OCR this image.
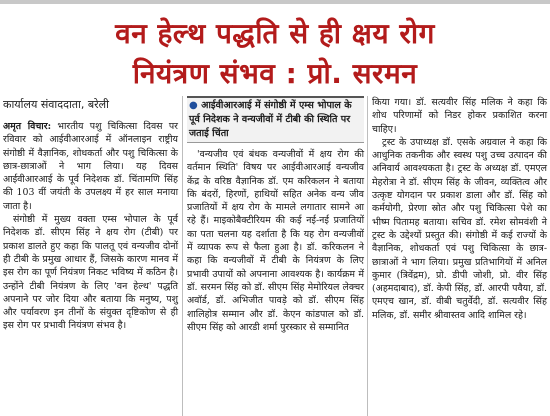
वन हेल्थ पद्धति से ही क्षय रोग
नियंत्रण संभव : प्रो. सरमन
कार्यालय संवाददाता, बरेली	● आईवीआरआई में संगोष्ठी में एम्स भोपाल के पूर्व निदेशक ने वन्यजीवों में टीबी की स्थिति पर जताई चिंता

अमृत विचार: भारतीय पशु चिकित्सा दिवस पर रविवार को आईवीआरआई में ऑनलाइन राष्ट्रीय संगोष्ठी में वैज्ञानिक, शोधकर्ता और पशु चिकित्सा के छात्र-छात्राओं ने भाग लिया। यह दिवस आईवीआरआई के पूर्व निदेशक डॉ. चिंतामणि सिंह की 103 वीं जयंती के उपलक्ष्य में हर साल मनाया जाता है।

संगोष्ठी में मुख्य वक्ता एम्स भोपाल के पूर्व निदेशक डॉ. सीएम सिंह ने क्षय रोग (टीबी) पर प्रकाश डालते हुए कहा कि पालतू एवं वन्यजीव दोनों ही टीबी के प्रमुख आधार हैं, जिसके कारण मानव में इस रोग का पूर्ण नियंत्रण निकट भविष्य में कठिन है। उन्होंने टीबी नियंत्रण के लिए 'वन हेल्थ' पद्धति अपनाने पर जोर दिया और बताया कि मनुष्य, पशु और पर्यावरण इन तीनों के संयुक्त दृष्टिकोण से ही इस रोग पर प्रभावी नियंत्रण संभव है।

'वन्यजीव एवं बंधक वन्यजीवों में क्षय रोग की वर्तमान स्थिति' विषय पर आईवीआरआई वन्यजीव केंद्र के वरिष्ठ वैज्ञानिक डॉ. एम करिकलन ने बताया कि बंदरों, हिरणों, हाथियों सहित अनेक वन्य जीव प्रजातियों में क्षय रोग के मामले लगातार सामने आ रहे हैं। माइकोबैक्टीरियम की कई नई-नई प्रजातियों का पता चलना यह दर्शाता है कि यह रोग वन्यजीवों में व्यापक रूप से फैला हुआ है। डॉ. करिकलन ने कहा कि वन्यजीवों में टीबी के नियंत्रण के लिए प्रभावी उपायों को अपनाना आवश्यक है। कार्यक्रम में डॉ. सरमन सिंह को डॉ. सीएम सिंह मेमोरियल लेक्चर अवॉर्ड, डॉ. अभिजीत पावड़े को डॉ. सीएम सिंह शालिहोत्र सम्मान और डॉ. केएन कांडपाल को डॉ. सीएम सिंह को आरडी शर्मा पुरस्कार से सम्मानित

किया गया। डॉ. सत्यवीर सिंह मलिक ने कहा कि शोध परिणामों को निडर होकर प्रकाशित करना चाहिए।

ट्रस्ट के उपाध्यक्ष डॉ. एसके अग्रवाल ने कहा कि आधुनिक तकनीक और स्वस्थ पशु उच्च उत्पादन की अनिवार्य आवश्यकता है। ट्रस्ट के अध्यक्ष डॉ. एमएल मेहरोत्रा ने डॉ. सीएम सिंह के जीवन, व्यक्तित्व और उत्कृष्ट योगदान पर प्रकाश डाला और डॉ. सिंह को कर्मयोगी, प्रेरणा स्रोत और पशु चिकित्सा पेशे का भीष्म पितामह बताया। सचिव डॉ. रमेश सोमवंशी ने ट्रस्ट के उद्देश्यों प्रस्तुत की। संगोष्ठी में कई राज्यों के वैज्ञानिक, शोधकर्ता एवं पशु चिकित्सा के छात्र-छात्राओं ने भाग लिया। प्रमुख प्रतिभागियों में अनिल कुमार (त्रिवेंद्रम), प्रो. डीपी जोशी, प्रो. वीर सिंह (अहमदाबाद), डॉ. केपी सिंह, डॉ. आरपी पवैया, डॉ. एमएच खान, डॉ. वीबी चतुर्वेदी, डॉ. सत्यवीर सिंह मलिक, डॉ. समीर श्रीवास्तव आदि शामिल रहे।
